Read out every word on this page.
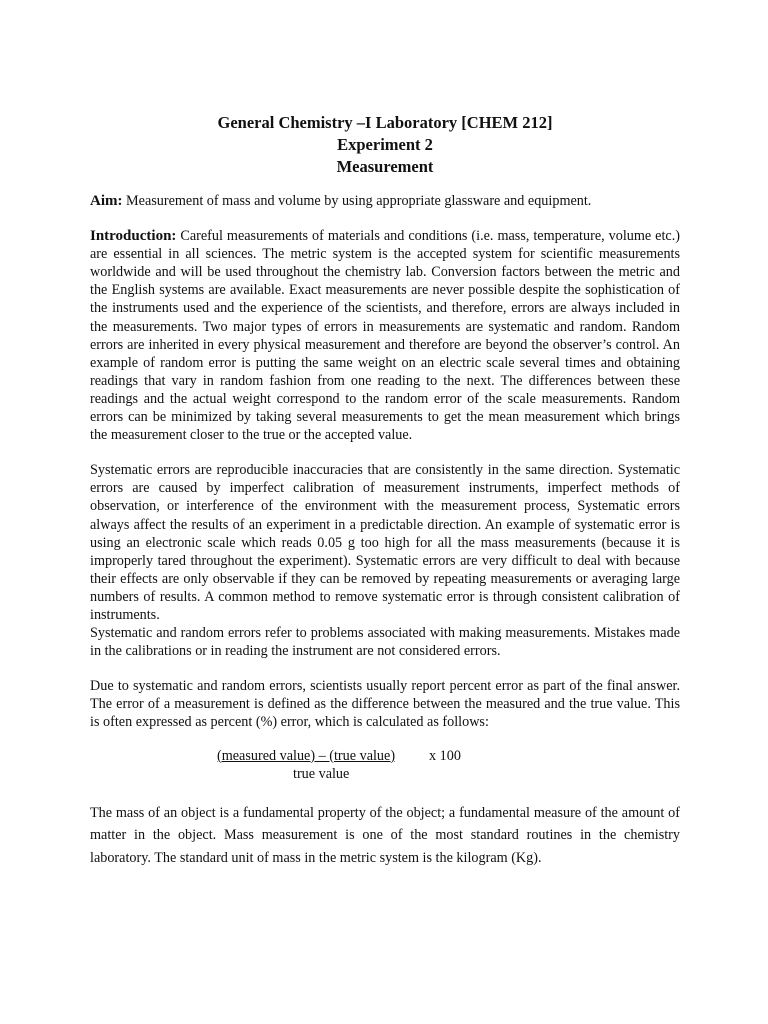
General Chemistry –I Laboratory [CHEM 212]
Experiment 2
Measurement

Aim: Measurement of mass and volume by using appropriate glassware and equipment.

Introduction: Careful measurements of materials and conditions (i.e. mass, temperature, volume etc.) are essential in all sciences. The metric system is the accepted system for scientific measurements worldwide and will be used throughout the chemistry lab. Conversion factors between the metric and the English systems are available. Exact measurements are never possible despite the sophistication of the instruments used and the experience of the scientists, and therefore, errors are always included in the measurements. Two major types of errors in measurements are systematic and random. Random errors are inherited in every physical measurement and therefore are beyond the observer’s control. An example of random error is putting the same weight on an electric scale several times and obtaining readings that vary in random fashion from one reading to the next. The differences between these readings and the actual weight correspond to the random error of the scale measurements. Random errors can be minimized by taking several measurements to get the mean measurement which brings the measurement closer to the true or the accepted value.

Systematic errors are reproducible inaccuracies that are consistently in the same direction. Systematic errors are caused by imperfect calibration of measurement instruments, imperfect methods of observation, or interference of the environment with the measurement process, Systematic errors always affect the results of an experiment in a predictable direction. An example of systematic error is using an electronic scale which reads 0.05 g too high for all the mass measurements (because it is improperly tared throughout the experiment). Systematic errors are very difficult to deal with because their effects are only observable if they can be removed by repeating measurements or averaging large numbers of results. A common method to remove systematic error is through consistent calibration of instruments.

Systematic and random errors refer to problems associated with making measurements. Mistakes made in the calibrations or in reading the instrument are not considered errors.

Due to systematic and random errors, scientists usually report percent error as part of the final answer. The error of a measurement is defined as the difference between the measured and the true value. This is often expressed as percent (%) error, which is calculated as follows:

(measured value) – (true value)
true value
x 100

The mass of an object is a fundamental property of the object; a fundamental measure of the amount of matter in the object. Mass measurement is one of the most standard routines in the chemistry laboratory. The standard unit of mass in the metric system is the kilogram (Kg).
